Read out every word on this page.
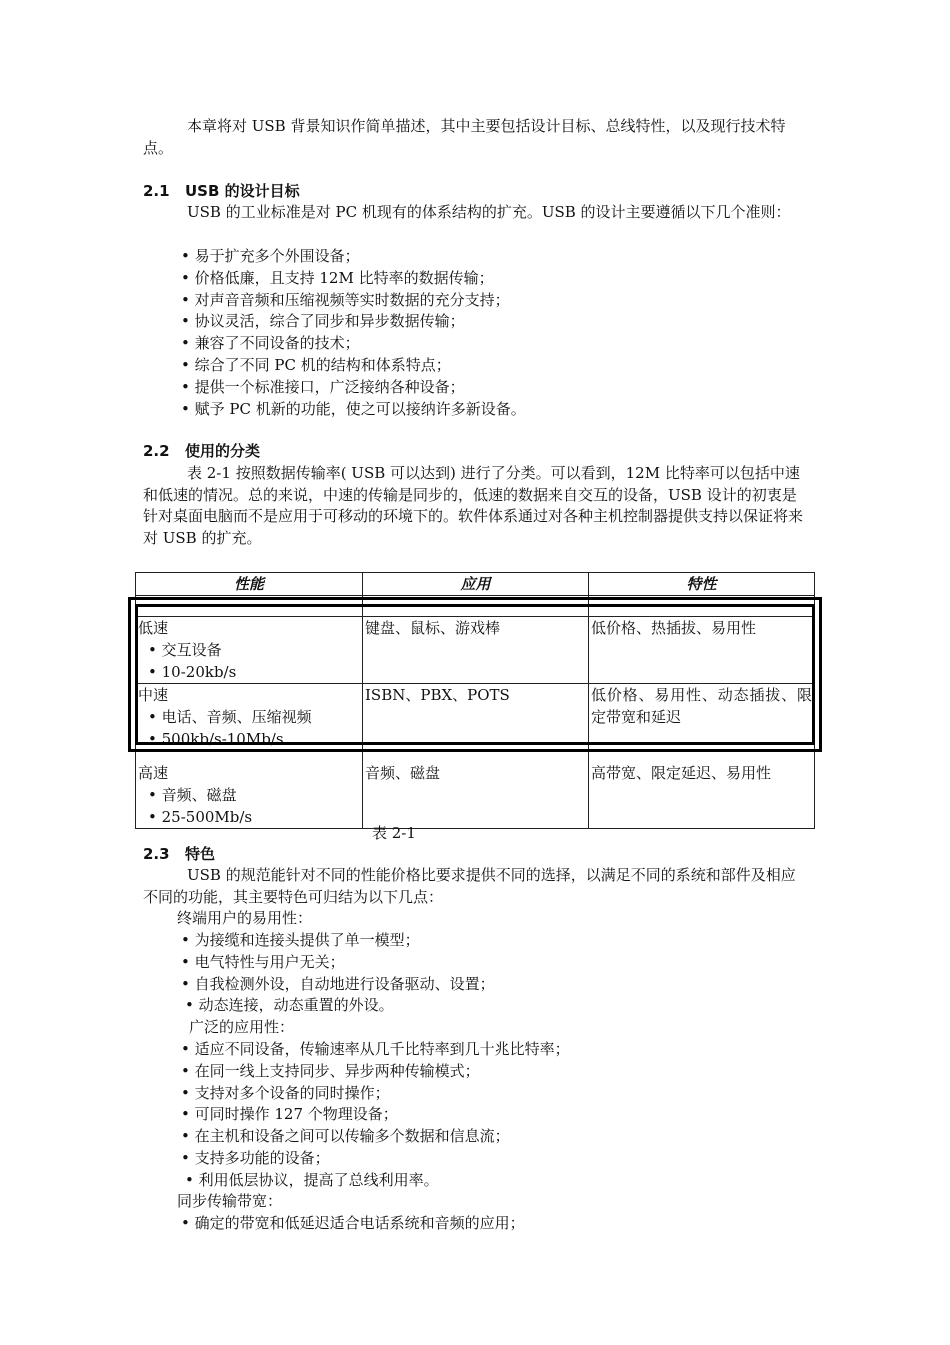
本章将对 USB 背景知识作简单描述，其中主要包括设计目标、总线特性，以及现行技术特点。

2.1 USB 的设计目标

USB 的工业标准是对 PC 机现有的体系结构的扩充。USB 的设计主要遵循以下几个准则：

• 易于扩充多个外围设备；
• 价格低廉，且支持 12M 比特率的数据传输；
• 对声音音频和压缩视频等实时数据的充分支持；
• 协议灵活，综合了同步和异步数据传输；
• 兼容了不同设备的技术；
• 综合了不同 PC 机的结构和体系特点；
• 提供一个标准接口，广泛接纳各种设备；
• 赋予 PC 机新的功能，使之可以接纳许多新设备。

2.2 使用的分类

表 2-1 按照数据传输率( USB 可以达到) 进行了分类。可以看到，12M 比特率可以包括中速和低速的情况。总的来说，中速的传输是同步的，低速的数据来自交互的设备，USB 设计的初衷是针对桌面电脑而不是应用于可移动的环境下的。软件体系通过对各种主机控制器提供支持以保证将来对 USB 的扩充。

性能	应用	特性

低速
• 交互设备
• 10-20kb/s	键盘、鼠标、游戏棒	低价格、热插拔、易用性
中速
• 电话、音频、压缩视频
• 500kb/s-10Mb/s	ISBN、PBX、POTS	低价格、易用性、动态插拔、限定带宽和延迟
高速
• 音频、磁盘
• 25-500Mb/s	音频、磁盘	高带宽、限定延迟、易用性

表 2-1

2.3 特色

USB 的规范能针对不同的性能价格比要求提供不同的选择，以满足不同的系统和部件及相应不同的功能，其主要特色可归结为以下几点：

终端用户的易用性：

• 为接缆和连接头提供了单一模型；
• 电气特性与用户无关；
• 自我检测外设，自动地进行设备驱动、设置；
• 动态连接，动态重置的外设。

广泛的应用性：

• 适应不同设备，传输速率从几千比特率到几十兆比特率；
• 在同一线上支持同步、异步两种传输模式；
• 支持对多个设备的同时操作；
• 可同时操作 127 个物理设备；
• 在主机和设备之间可以传输多个数据和信息流；
• 支持多功能的设备；
• 利用低层协议，提高了总线利用率。

同步传输带宽：

• 确定的带宽和低延迟适合电话系统和音频的应用；
